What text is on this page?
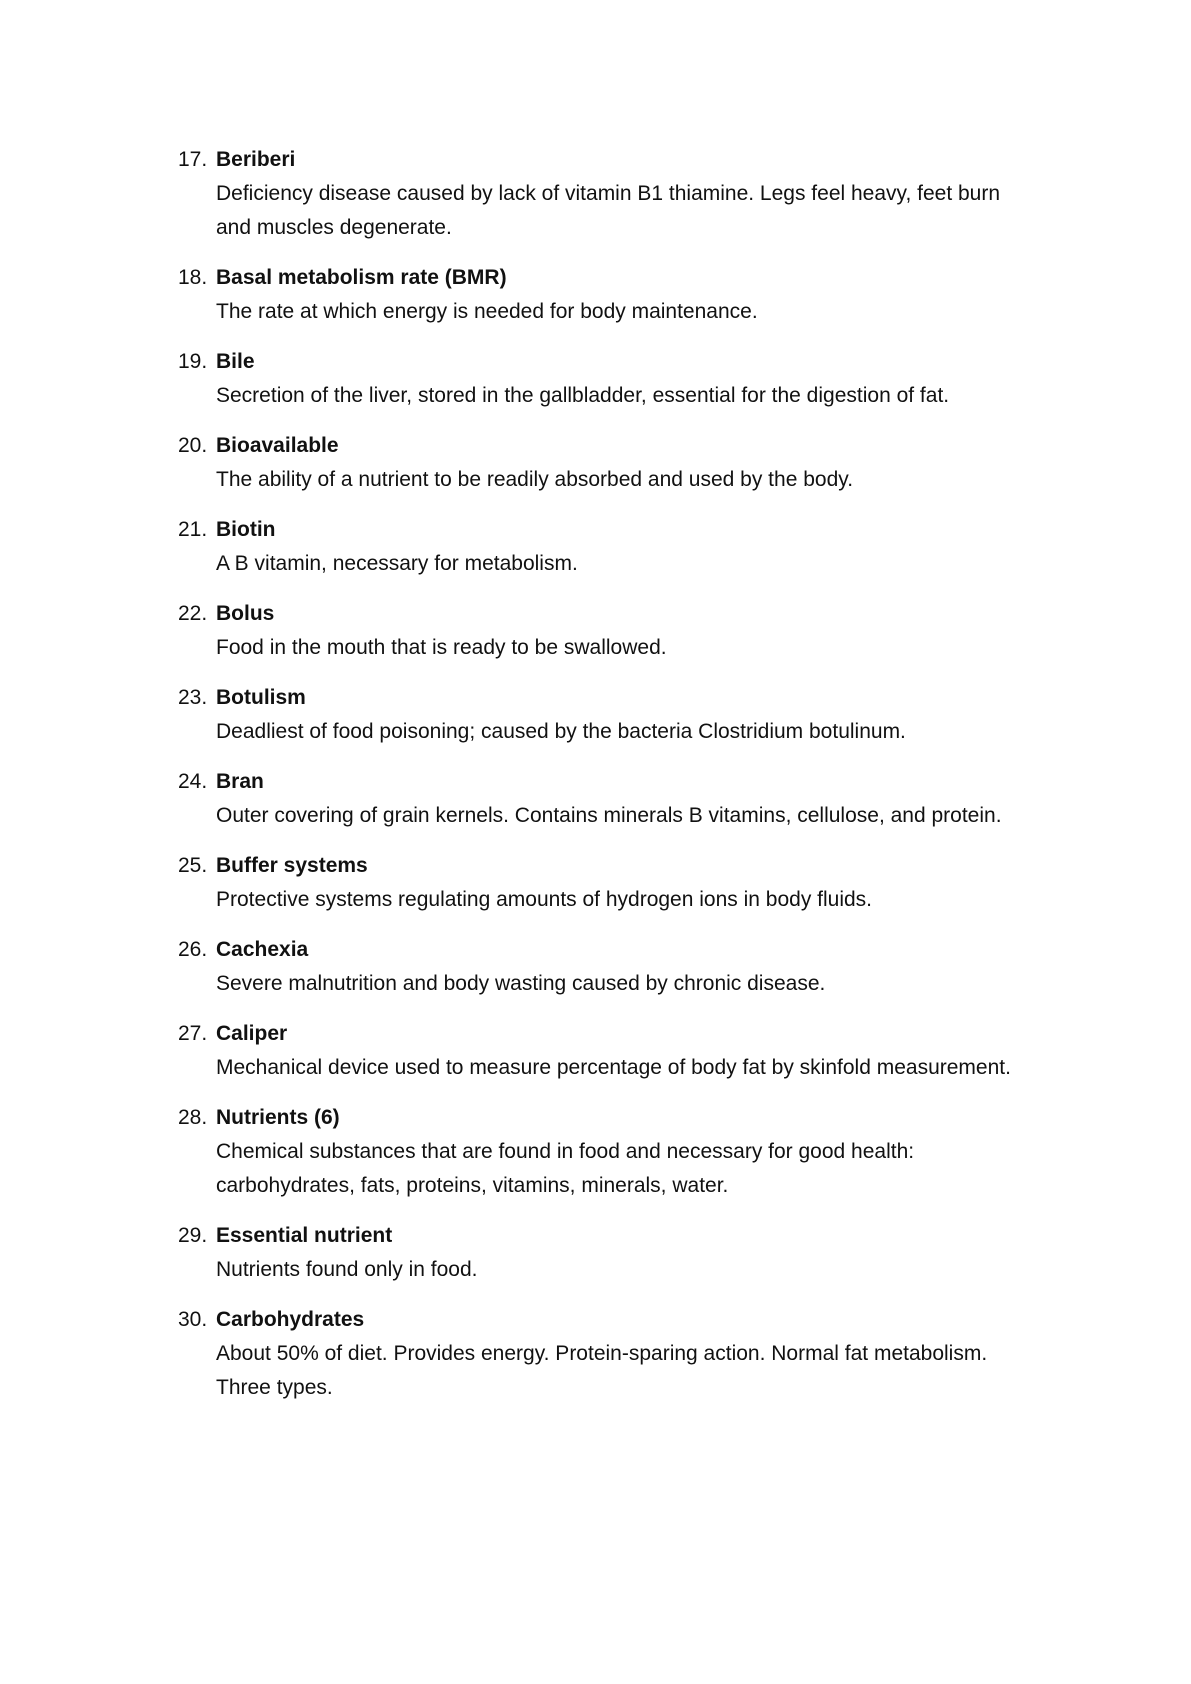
17. Beriberi
Deficiency disease caused by lack of vitamin B1 thiamine. Legs feel heavy, feet burn and muscles degenerate.
18. Basal metabolism rate (BMR)
The rate at which energy is needed for body maintenance.
19. Bile
Secretion of the liver, stored in the gallbladder, essential for the digestion of fat.
20. Bioavailable
The ability of a nutrient to be readily absorbed and used by the body.
21. Biotin
A B vitamin, necessary for metabolism.
22. Bolus
Food in the mouth that is ready to be swallowed.
23. Botulism
Deadliest of food poisoning; caused by the bacteria Clostridium botulinum.
24. Bran
Outer covering of grain kernels. Contains minerals B vitamins, cellulose, and protein.
25. Buffer systems
Protective systems regulating amounts of hydrogen ions in body fluids.
26. Cachexia
Severe malnutrition and body wasting caused by chronic disease.
27. Caliper
Mechanical device used to measure percentage of body fat by skinfold measurement.
28. Nutrients (6)
Chemical substances that are found in food and necessary for good health: carbohydrates, fats, proteins, vitamins, minerals, water.
29. Essential nutrient
Nutrients found only in food.
30. Carbohydrates
About 50% of diet. Provides energy. Protein-sparing action. Normal fat metabolism. Three types.
